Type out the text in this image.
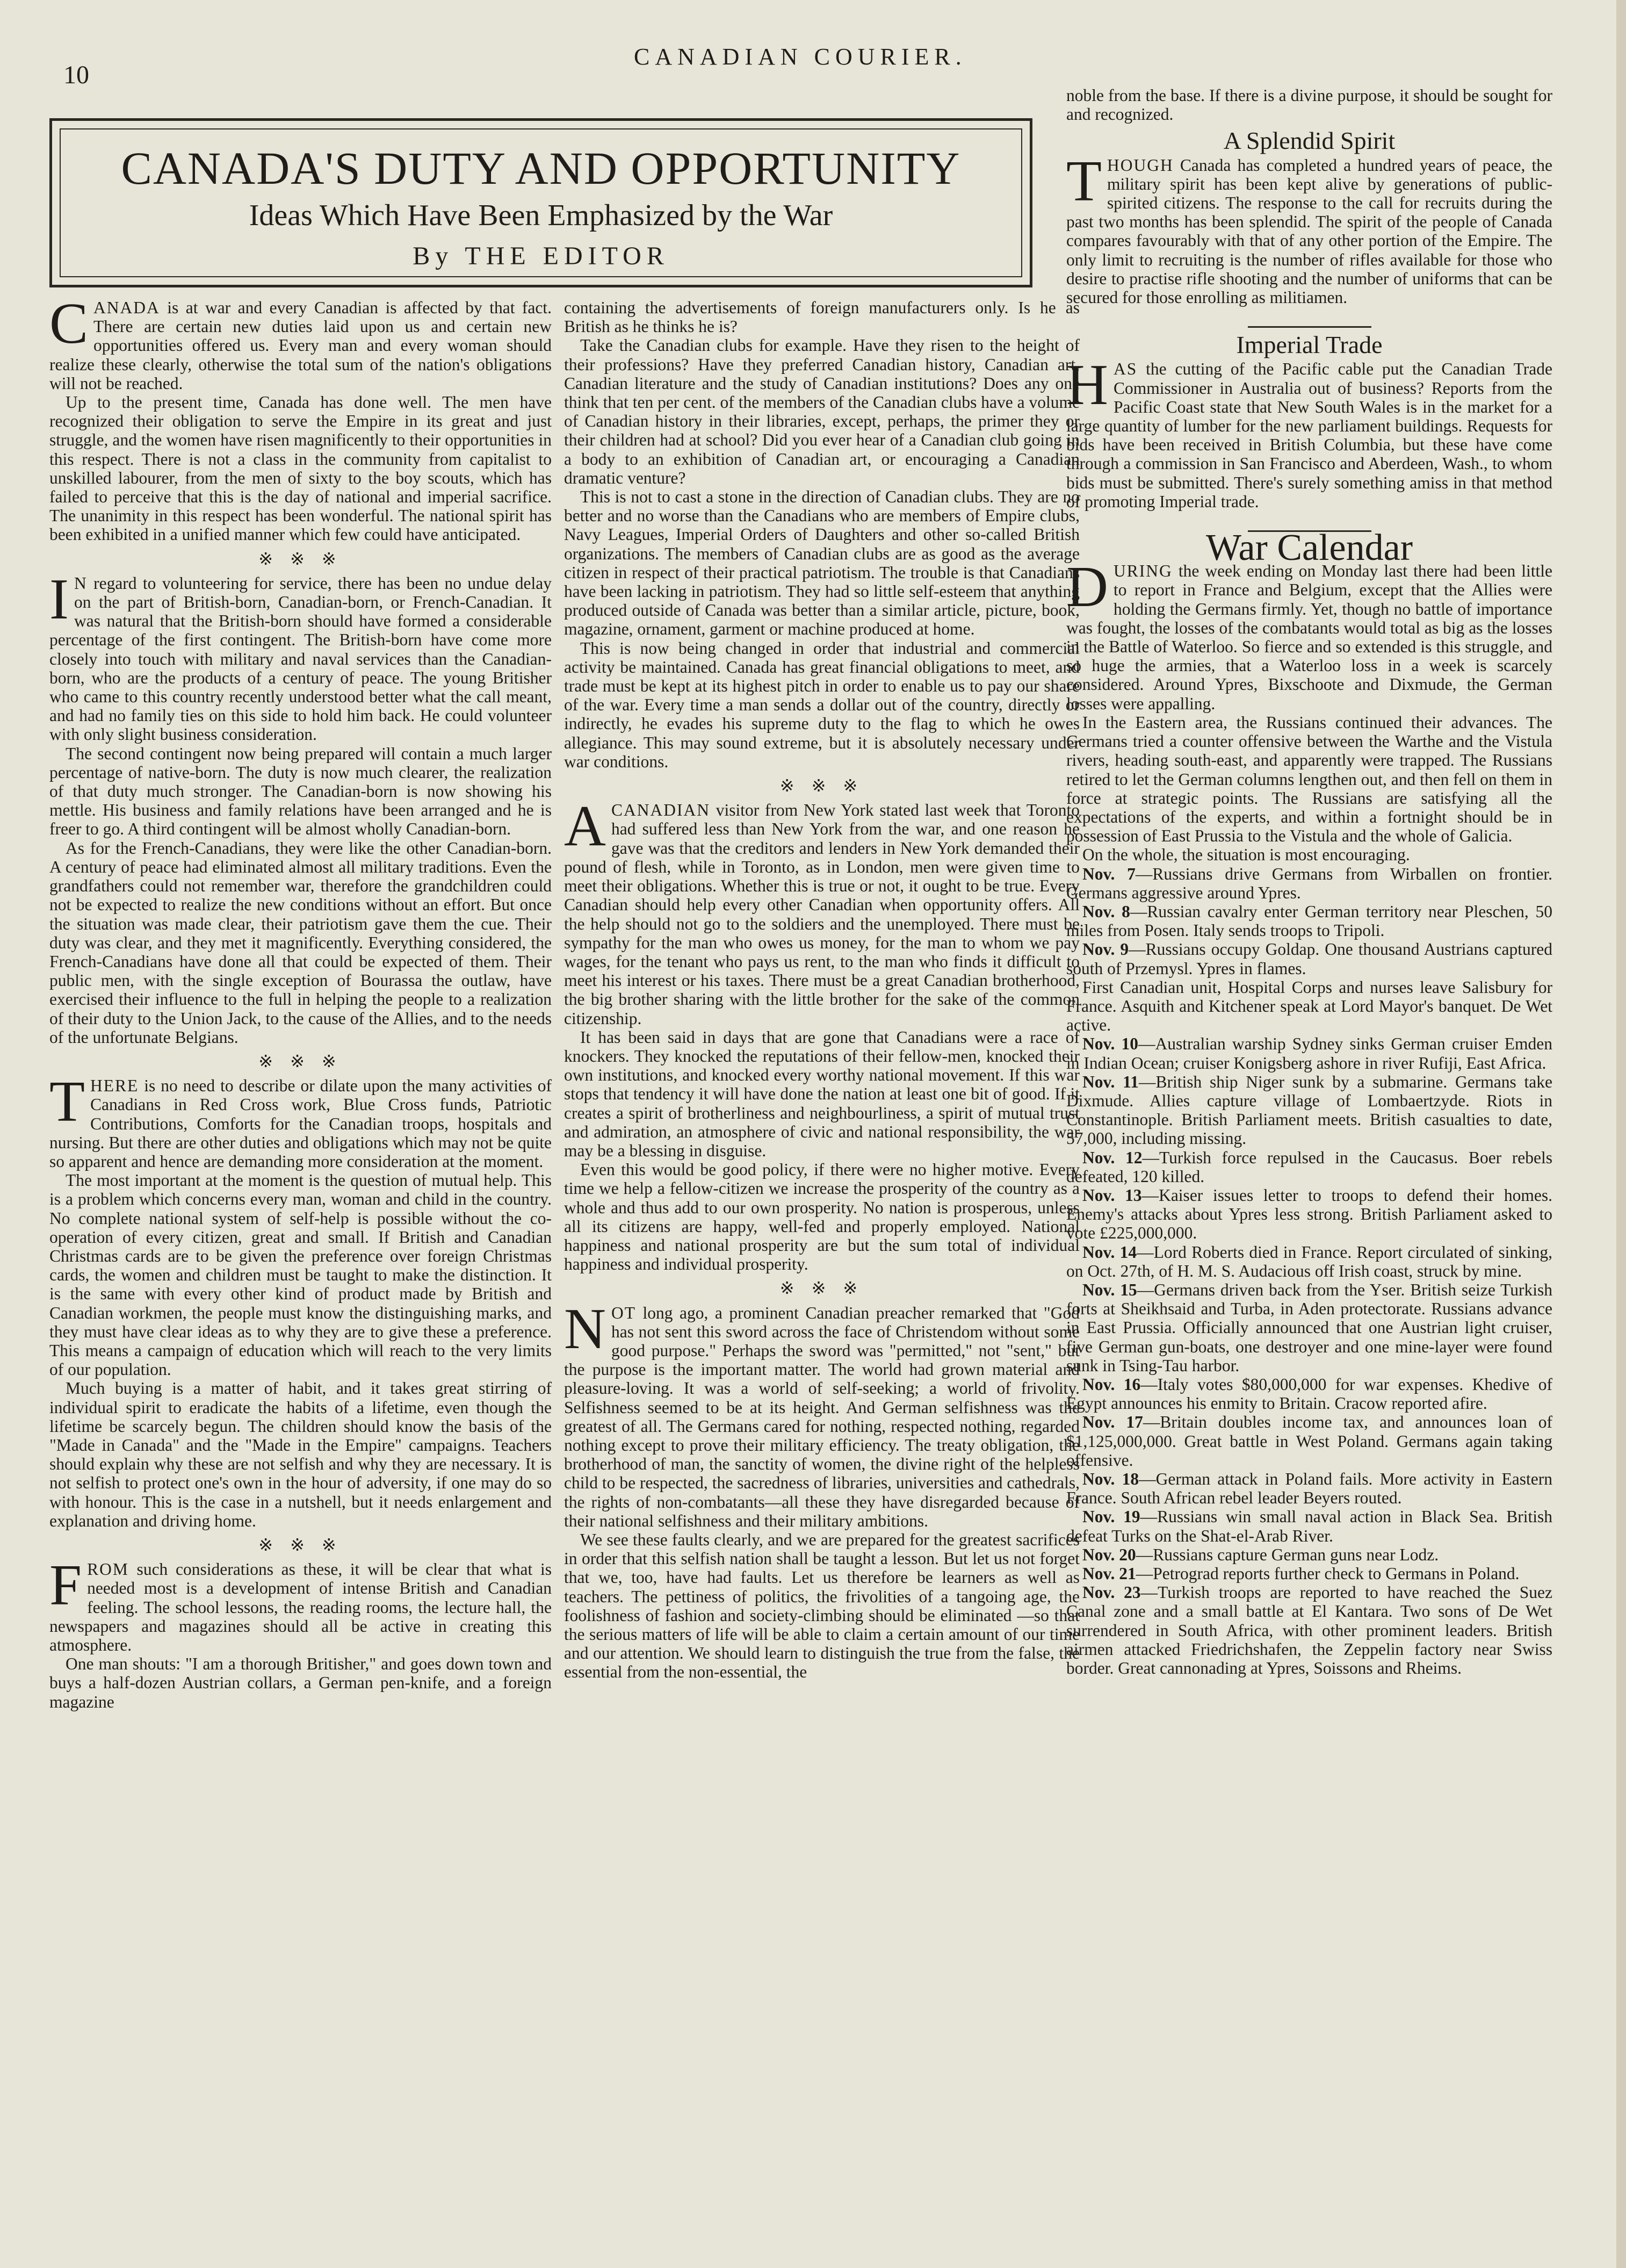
10
CANADIAN COURIER.
CANADA'S DUTY AND OPPORTUNITY
Ideas Which Have Been Emphasized by the War
By THE EDITOR

CANADA is at war and every Canadian is affected by that fact. There are certain new duties laid upon us and certain new opportunities offered us. Every man and every woman should realize these clearly, otherwise the total sum of the nation's obligations will not be reached.

Up to the present time, Canada has done well. The men have recognized their obligation to serve the Empire in its great and just struggle, and the women have risen magnificently to their opportunities in this respect. There is not a class in the community from capitalist to unskilled labourer, from the men of sixty to the boy scouts, which has failed to perceive that this is the day of national and imperial sacrifice. The unanimity in this respect has been wonderful. The national spirit has been exhibited in a unified manner which few could have anticipated.

※ ※ ※

I N regard to volunteering for service, there has been no undue delay on the part of British-born, Canadian-born, or French-Canadian. It was natural that the British-born should have formed a considerable percentage of the first contingent. The British-born have come more closely into touch with military and naval services than the Canadian-born, who are the products of a century of peace. The young Britisher who came to this country recently understood better what the call meant, and had no family ties on this side to hold him back. He could volunteer with only slight business consideration.

The second contingent now being prepared will contain a much larger percentage of native-born. The duty is now much clearer, the realization of that duty much stronger. The Canadian-born is now showing his mettle. His business and family relations have been arranged and he is freer to go. A third contingent will be almost wholly Canadian-born.

As for the French-Canadians, they were like the other Canadian-born. A century of peace had eliminated almost all military traditions. Even the grandfathers could not remember war, therefore the grandchildren could not be expected to realize the new conditions without an effort. But once the situation was made clear, their patriotism gave them the cue. Their duty was clear, and they met it magnificently. Everything considered, the French-Canadians have done all that could be expected of them. Their public men, with the single exception of Bourassa the outlaw, have exercised their influence to the full in helping the people to a realization of their duty to the Union Jack, to the cause of the Allies, and to the needs of the unfortunate Belgians.

※ ※ ※

THERE is no need to describe or dilate upon the many activities of Canadians in Red Cross work, Blue Cross funds, Patriotic Contributions, Comforts for the Canadian troops, hospitals and nursing. But there are other duties and obligations which may not be quite so apparent and hence are demanding more consideration at the moment.

The most important at the moment is the question of mutual help. This is a problem which concerns every man, woman and child in the country. No complete national system of self-help is possible without the co-operation of every citizen, great and small. If British and Canadian Christmas cards are to be given the preference over foreign Christmas cards, the women and children must be taught to make the distinction. It is the same with every other kind of product made by British and Canadian workmen, the people must know the distinguishing marks, and they must have clear ideas as to why they are to give these a preference. This means a campaign of education which will reach to the very limits of our population.

Much buying is a matter of habit, and it takes great stirring of individual spirit to eradicate the habits of a lifetime, even though the lifetime be scarcely begun. The children should know the basis of the "Made in Canada" and the "Made in the Empire" campaigns. Teachers should explain why these are not selfish and why they are necessary. It is not selfish to protect one's own in the hour of adversity, if one may do so with honour. This is the case in a nutshell, but it needs enlargement and explanation and driving home.

※ ※ ※

FROM such considerations as these, it will be clear that what is needed most is a development of intense British and Canadian feeling. The school lessons, the reading rooms, the lecture hall, the newspapers and magazines should all be active in creating this atmosphere.

One man shouts: "I am a thorough Britisher," and goes down town and buys a half-dozen Austrian collars, a German pen-knife, and a foreign magazine

containing the advertisements of foreign manufacturers only. Is he as British as he thinks he is?

Take the Canadian clubs for example. Have they risen to the height of their professions? Have they preferred Canadian history, Canadian art, Canadian literature and the study of Canadian institutions? Does any one think that ten per cent. of the members of the Canadian clubs have a volume of Canadian history in their libraries, except, perhaps, the primer they or their children had at school? Did you ever hear of a Canadian club going in a body to an exhibition of Canadian art, or encouraging a Canadian dramatic venture?

This is not to cast a stone in the direction of Canadian clubs. They are no better and no worse than the Canadians who are members of Empire clubs, Navy Leagues, Imperial Orders of Daughters and other so-called British organizations. The members of Canadian clubs are as good as the average citizen in respect of their practical patriotism. The trouble is that Canadians have been lacking in patriotism. They had so little self-esteem that anything produced outside of Canada was better than a similar article, picture, book, magazine, ornament, garment or machine produced at home.

This is now being changed in order that industrial and commercial activity be maintained. Canada has great financial obligations to meet, and trade must be kept at its highest pitch in order to enable us to pay our share of the war. Every time a man sends a dollar out of the country, directly or indirectly, he evades his supreme duty to the flag to which he owes allegiance. This may sound extreme, but it is absolutely necessary under war conditions.

※ ※ ※

ACANADIAN visitor from New York stated last week that Toronto had suffered less than New York from the war, and one reason he gave was that the creditors and lenders in New York demanded their pound of flesh, while in Toronto, as in London, men were given time to meet their obligations. Whether this is true or not, it ought to be true. Every Canadian should help every other Canadian when opportunity offers. All the help should not go to the soldiers and the unemployed. There must be sympathy for the man who owes us money, for the man to whom we pay wages, for the tenant who pays us rent, to the man who finds it difficult to meet his interest or his taxes. There must be a great Canadian brotherhood, the big brother sharing with the little brother for the sake of the common citizenship.

It has been said in days that are gone that Canadians were a race of knockers. They knocked the reputations of their fellow-men, knocked their own institutions, and knocked every worthy national movement. If this war stops that tendency it will have done the nation at least one bit of good. If it creates a spirit of brotherliness and neighbourliness, a spirit of mutual trust and admiration, an atmosphere of civic and national responsibility, the war may be a blessing in disguise.

Even this would be good policy, if there were no higher motive. Every time we help a fellow-citizen we increase the prosperity of the country as a whole and thus add to our own prosperity. No nation is prosperous, unless all its citizens are happy, well-fed and properly employed. National happiness and national prosperity are but the sum total of individual happiness and individual prosperity.

※ ※ ※

NOT long ago, a prominent Canadian preacher remarked that "God has not sent this sword across the face of Christendom without some good purpose." Perhaps the sword was "permitted," not "sent," but the purpose is the important matter. The world had grown material and pleasure-loving. It was a world of self-seeking; a world of frivolity. Selfishness seemed to be at its height. And German selfishness was the greatest of all. The Germans cared for nothing, respected nothing, regarded nothing except to prove their military efficiency. The treaty obligation, the brotherhood of man, the sanctity of women, the divine right of the helpless child to be respected, the sacredness of libraries, universities and cathedrals, the rights of non-combatants—all these they have disregarded because of their national selfishness and their military ambitions.

We see these faults clearly, and we are prepared for the greatest sacrifices in order that this selfish nation shall be taught a lesson. But let us not forget that we, too, have had faults. Let us therefore be learners as well as teachers. The pettiness of politics, the frivolities of a tangoing age, the foolishness of fashion and society-climbing should be eliminated —so that the serious matters of life will be able to claim a certain amount of our time and our attention. We should learn to distinguish the true from the false, the essential from the non-essential, the

noble from the base. If there is a divine purpose, it should be sought for and recognized.

A Splendid Spirit

THOUGH Canada has completed a hundred years of peace, the military spirit has been kept alive by generations of public-spirited citizens. The response to the call for recruits during the past two months has been splendid. The spirit of the people of Canada compares favourably with that of any other portion of the Empire. The only limit to recruiting is the number of rifles available for those who desire to practise rifle shooting and the number of uniforms that can be secured for those enrolling as militiamen.

Imperial Trade

HAS the cutting of the Pacific cable put the Canadian Trade Commissioner in Australia out of business? Reports from the Pacific Coast state that New South Wales is in the market for a large quantity of lumber for the new parliament buildings. Requests for bids have been received in British Columbia, but these have come through a commission in San Francisco and Aberdeen, Wash., to whom bids must be submitted. There's surely something amiss in that method of promoting Imperial trade.

War Calendar

DURING the week ending on Monday last there had been little to report in France and Belgium, except that the Allies were holding the Germans firmly. Yet, though no battle of importance was fought, the losses of the combatants would total as big as the losses in the Battle of Waterloo. So fierce and so extended is this struggle, and so huge the armies, that a Waterloo loss in a week is scarcely considered. Around Ypres, Bixschoote and Dixmude, the German losses were appalling.

In the Eastern area, the Russians continued their advances. The Germans tried a counter offensive between the Warthe and the Vistula rivers, heading south-east, and apparently were trapped. The Russians retired to let the German columns lengthen out, and then fell on them in force at strategic points. The Russians are satisfying all the expectations of the experts, and within a fortnight should be in possession of East Prussia to the Vistula and the whole of Galicia.

On the whole, the situation is most encouraging.

Nov. 7—Russians drive Germans from Wirballen on frontier. Germans aggressive around Ypres.

Nov. 8—Russian cavalry enter German territory near Pleschen, 50 miles from Posen. Italy sends troops to Tripoli.

Nov. 9—Russians occupy Goldap. One thousand Austrians captured south of Przemysl. Ypres in flames.

First Canadian unit, Hospital Corps and nurses leave Salisbury for France. Asquith and Kitchener speak at Lord Mayor's banquet. De Wet active.

Nov. 10—Australian warship Sydney sinks German cruiser Emden in Indian Ocean; cruiser Konigsberg ashore in river Rufiji, East Africa.

Nov. 11—British ship Niger sunk by a submarine. Germans take Dixmude. Allies capture village of Lombaertzyde. Riots in Constantinople. British Parliament meets. British casualties to date, 57,000, including missing.

Nov. 12—Turkish force repulsed in the Caucasus. Boer rebels defeated, 120 killed.

Nov. 13—Kaiser issues letter to troops to defend their homes. Enemy's attacks about Ypres less strong. British Parliament asked to vote £225,000,000.

Nov. 14—Lord Roberts died in France. Report circulated of sinking, on Oct. 27th, of H. M. S. Audacious off Irish coast, struck by mine.

Nov. 15—Germans driven back from the Yser. British seize Turkish forts at Sheikhsaid and Turba, in Aden protectorate. Russians advance in East Prussia. Officially announced that one Austrian light cruiser, five German gun-boats, one destroyer and one mine-layer were found sunk in Tsing-Tau harbor.

Nov. 16—Italy votes $80,000,000 for war expenses. Khedive of Egypt announces his enmity to Britain. Cracow reported afire.

Nov. 17—Britain doubles income tax, and announces loan of $1,125,000,000. Great battle in West Poland. Germans again taking offensive.

Nov. 18—German attack in Poland fails. More activity in Eastern France. South African rebel leader Beyers routed.

Nov. 19—Russians win small naval action in Black Sea. British defeat Turks on the Shat-el-Arab River.

Nov. 20—Russians capture German guns near Lodz.

Nov. 21—Petrograd reports further check to Germans in Poland.

Nov. 23—Turkish troops are reported to have reached the Suez Canal zone and a small battle at El Kantara. Two sons of De Wet surrendered in South Africa, with other prominent leaders. British airmen attacked Friedrichshafen, the Zeppelin factory near Swiss border. Great cannonading at Ypres, Soissons and Rheims.
